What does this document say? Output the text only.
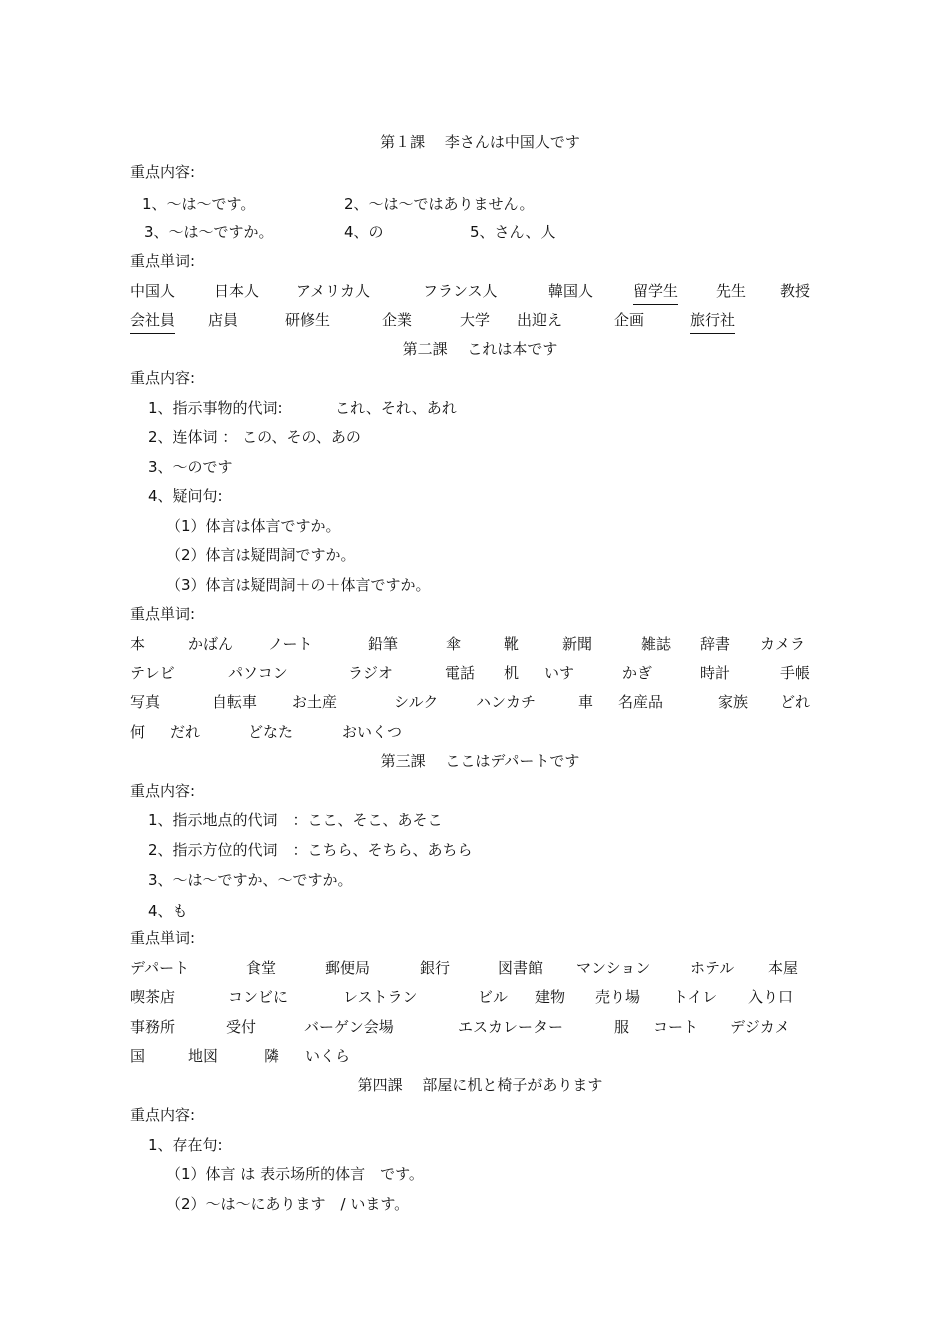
第１課　 李さんは中国人です
重点内容:
1、～は～です。	2、～は～ではありません。
3、～は～ですか。	4、の	5、さん、人
重点単词:
中国人	日本人 アメリカ人	フランス人	韓国人	留学生	先生 教授
会社員 店員	研修生	企業	大学 出迎え	企画	旅行社
第二課　 これは本です
重点内容:
1、指示事物的代词:	これ、それ、あれ
2、连体词 ： この、その、あの
3、～のです
4、疑问句:
（1）体言は体言ですか。
（2）体言は疑問詞ですか。
（3）体言は疑問詞＋の＋体言ですか。
重点単词:
本	かばん ノート	鉛筆	傘	靴	新聞	雑誌 辞書 カメラ
テレビ	パソコン	ラジオ	電話 机 いす	かぎ	時計	手帳
写真	自転車 お土産	シルク	ハンカチ	車 名産品	家族 どれ
何 だれ	どなた	おいくつ
第三課　 ここはデパートです
重点内容:
1、指示地点的代词　：ここ、そこ、あそこ
2、指示方位的代词　：こちら、そちら、あちら
3、～は～ですか、～ですか。
4、も
重点単词:
デパート	食堂	郵便局	銀行	図書館 マンション	ホテル 本屋
喫茶店	コンビに	レストラン	ビル 建物 売り場 トイレ 入り口
事務所	受付	バーゲン会場	エスカレーター	服 コート デジカメ
国	地図	隣 いくら
第四課　 部屋に机と椅子があります
重点内容:
1、存在句:
（1）体言 は 表示场所的体言　です。
（2）～は～にあります　/ います。
